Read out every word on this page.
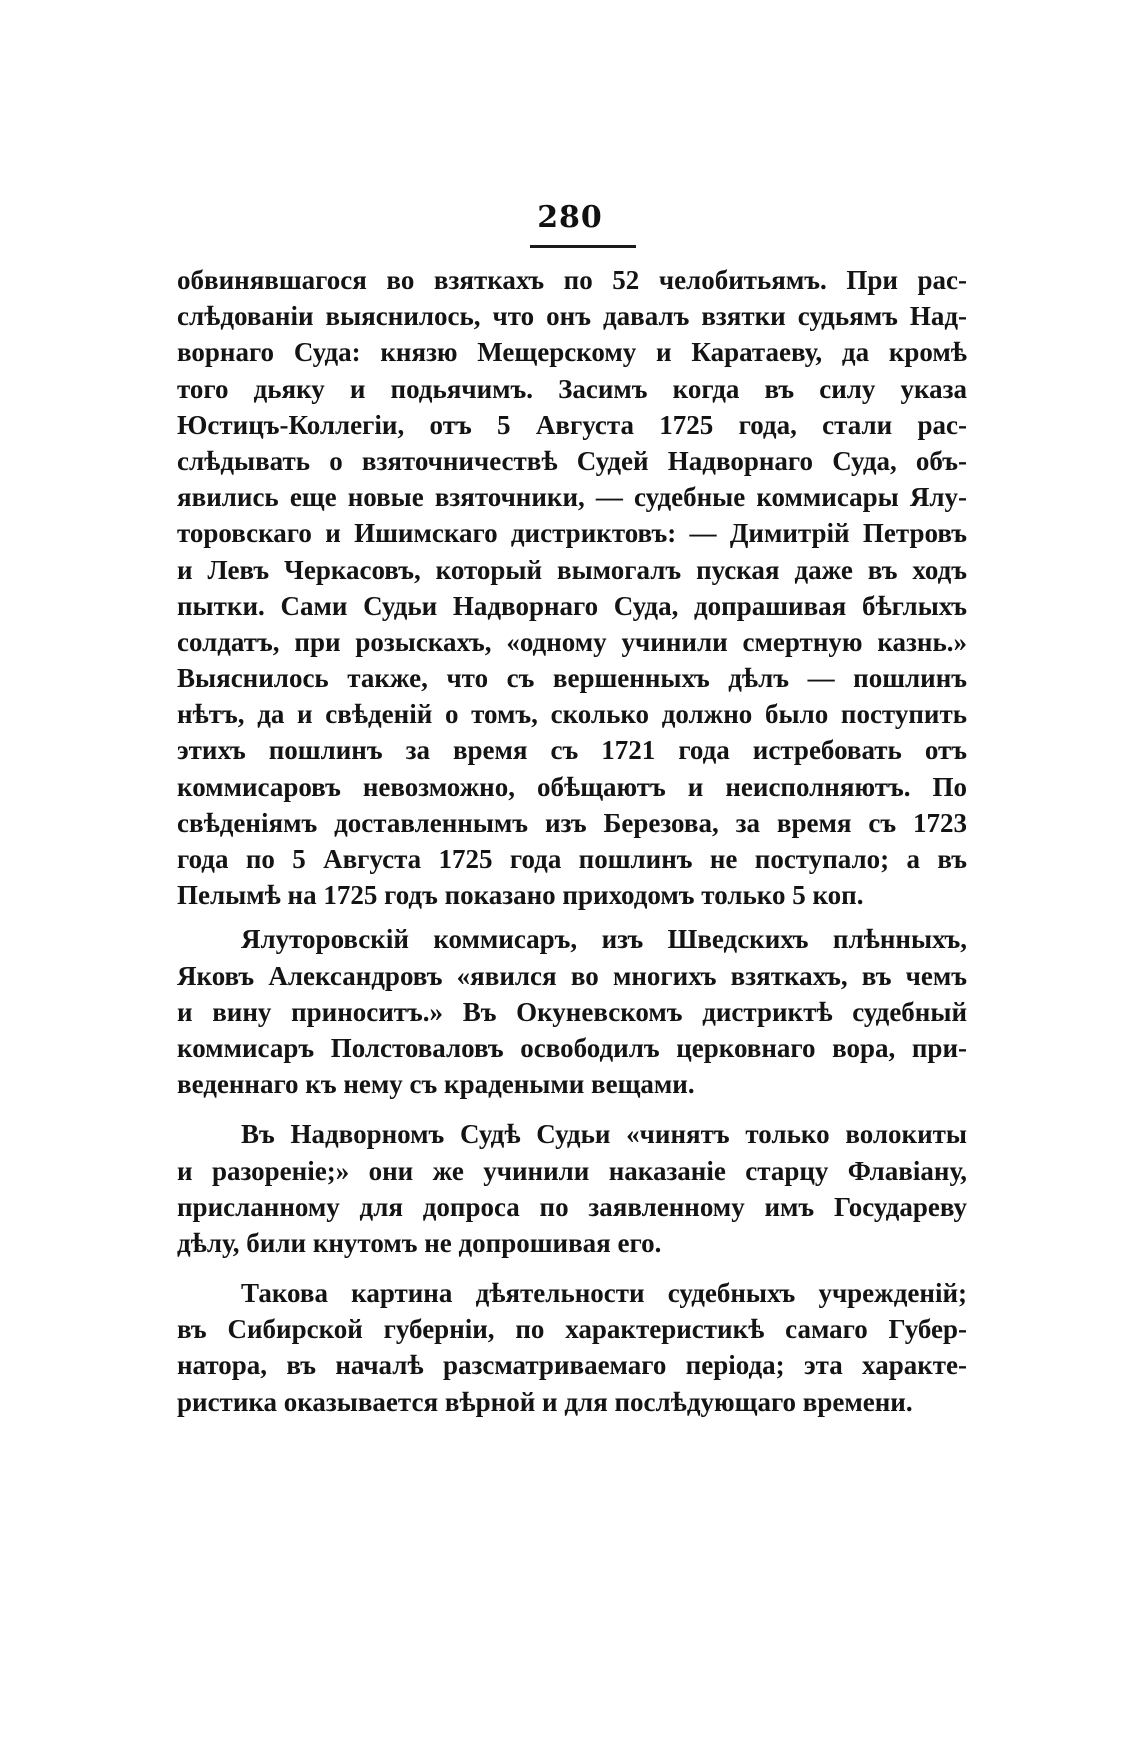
280
обвинявшагося во взяткахъ по 52 челобитьямъ. При рас-
слѣдованіи выяснилось, что онъ давалъ взятки судьямъ Над-
ворнаго Суда: князю Мещерскому и Каратаеву, да кромѣ
того дьяку и подьячимъ. Засимъ когда въ силу указа
Юстицъ-Коллегіи, отъ 5 Августа 1725 года, стали рас-
слѣдывать о взяточничествѣ Судей Надворнаго Суда, объ-
явились еще новые взяточники, — судебные коммисары Ялу-
торовскаго и Ишимскаго дистриктовъ: — Димитрій Петровъ
и Левъ Черкасовъ, который вымогалъ пуская даже въ ходъ
пытки. Сами Судьи Надворнаго Суда, допрашивая бѣглыхъ
солдатъ, при розыскахъ, «одному учинили смертную казнь.»
Выяснилось также, что съ вершенныхъ дѣлъ — пошлинъ
нѣтъ, да и свѣденій о томъ, сколько должно было поступить
этихъ пошлинъ за время съ 1721 года истребовать отъ
коммисаровъ невозможно, обѣщаютъ и неисполняютъ. По
свѣденіямъ доставленнымъ изъ Березова, за время съ 1723
года по 5 Августа 1725 года пошлинъ не поступало; а въ
Пелымѣ на 1725 годъ показано приходомъ только 5 коп.
Ялуторовскій коммисаръ, изъ Шведскихъ плѣнныхъ,
Яковъ Александровъ «явился во многихъ взяткахъ, въ чемъ
и вину приноситъ.» Въ Окуневскомъ дистриктѣ судебный
коммисаръ Полстоваловъ освободилъ церковнаго вора, при-
веденнаго къ нему съ крадеными вещами.
Въ Надворномъ Судѣ Судьи «чинятъ только волокиты
и разореніе;» они же учинили наказаніе старцу Флавіану,
присланному для допроса по заявленному имъ Государеву
дѣлу, били кнутомъ не допрошивая его.
Такова картина дѣятельности судебныхъ учрежденій;
въ Сибирской губерніи, по характеристикѣ самаго Губер-
натора, въ началѣ разсматриваемаго періода; эта характе-
ристика оказывается вѣрной и для послѣдующаго времени.
